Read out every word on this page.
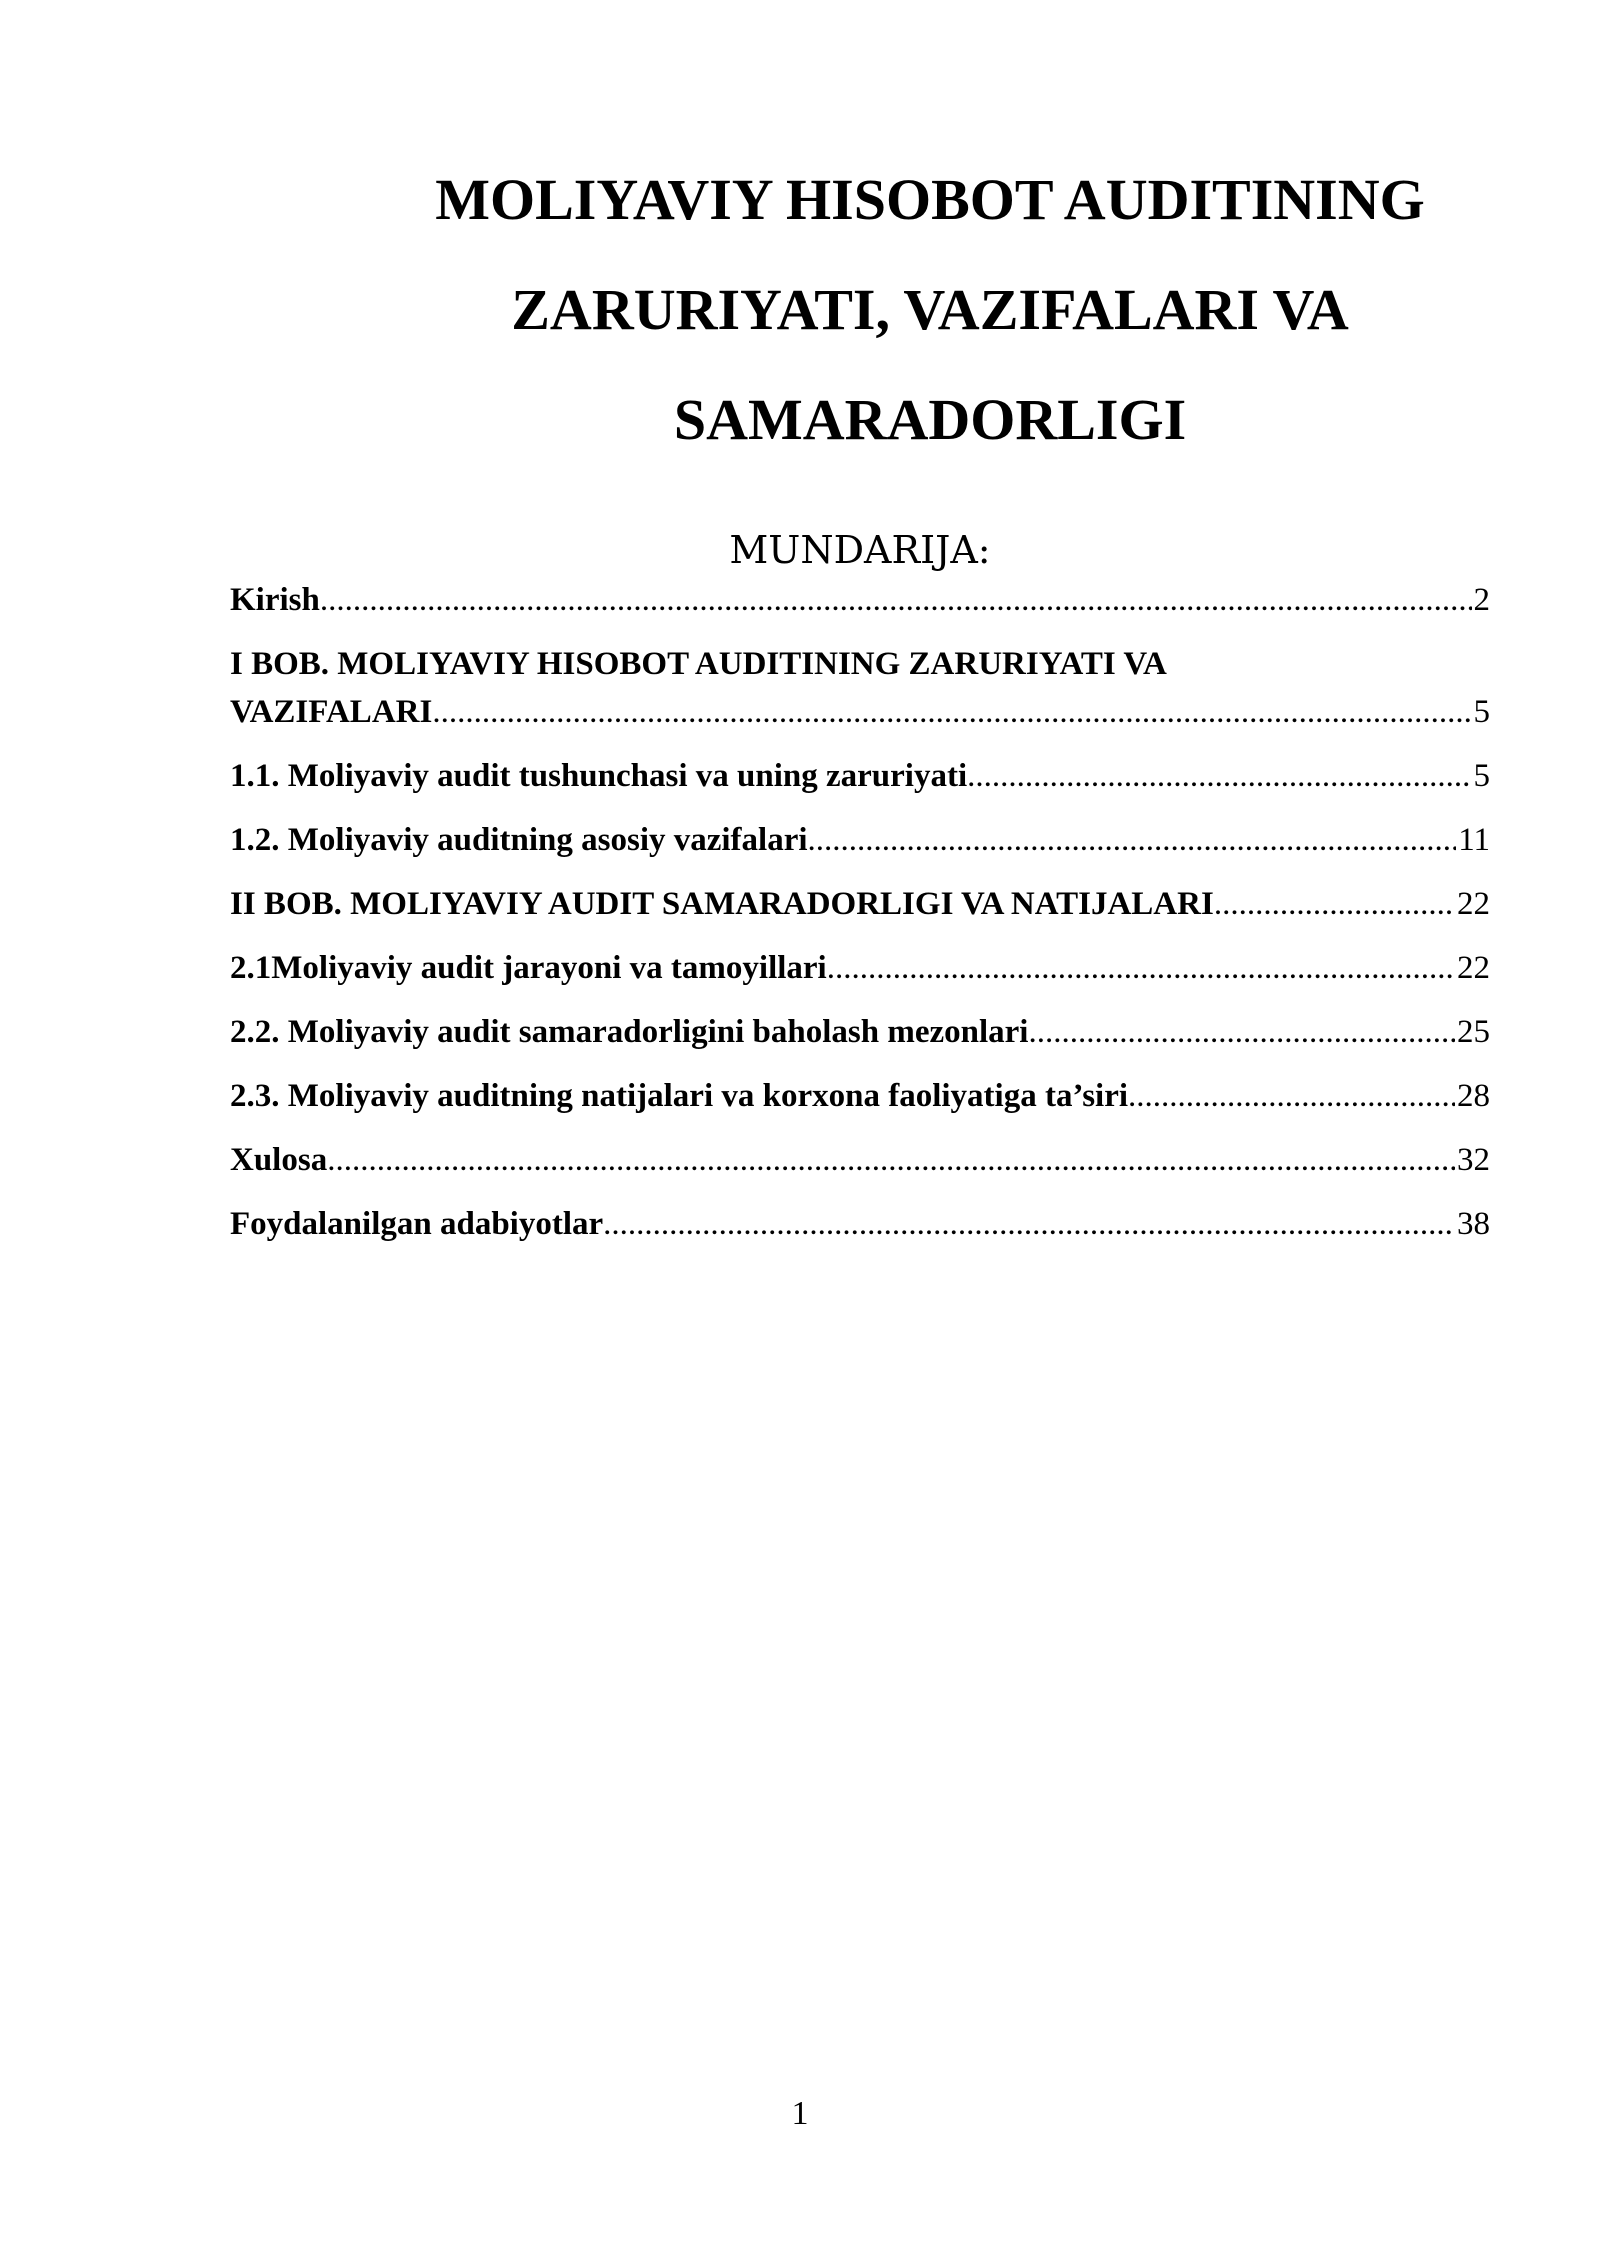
MOLIYAVIY HISOBOT AUDITINING
ZARURIYATI, VAZIFALARI VA
SAMARADORLIGI
MUNDARIJA:
Kirish .....	2
I BOB. MOLIYAVIY HISOBOT AUDITINING ZARURIYATI VA
VAZIFALARI .....	5
1.1. Moliyaviy audit tushunchasi va uning zaruriyati .....	5
1.2. Moliyaviy auditning asosiy vazifalari .....	11
II BOB. MOLIYAVIY AUDIT SAMARADORLIGI VA NATIJALARI .....	22
2.1Moliyaviy audit jarayoni va tamoyillari .....	22
2.2. Moliyaviy audit samaradorligini baholash mezonlari .....	25
2.3. Moliyaviy auditning natijalari va korxona faoliyatiga ta’siri .....	28
Xulosa .....	32
Foydalanilgan adabiyotlar .....	38
1
